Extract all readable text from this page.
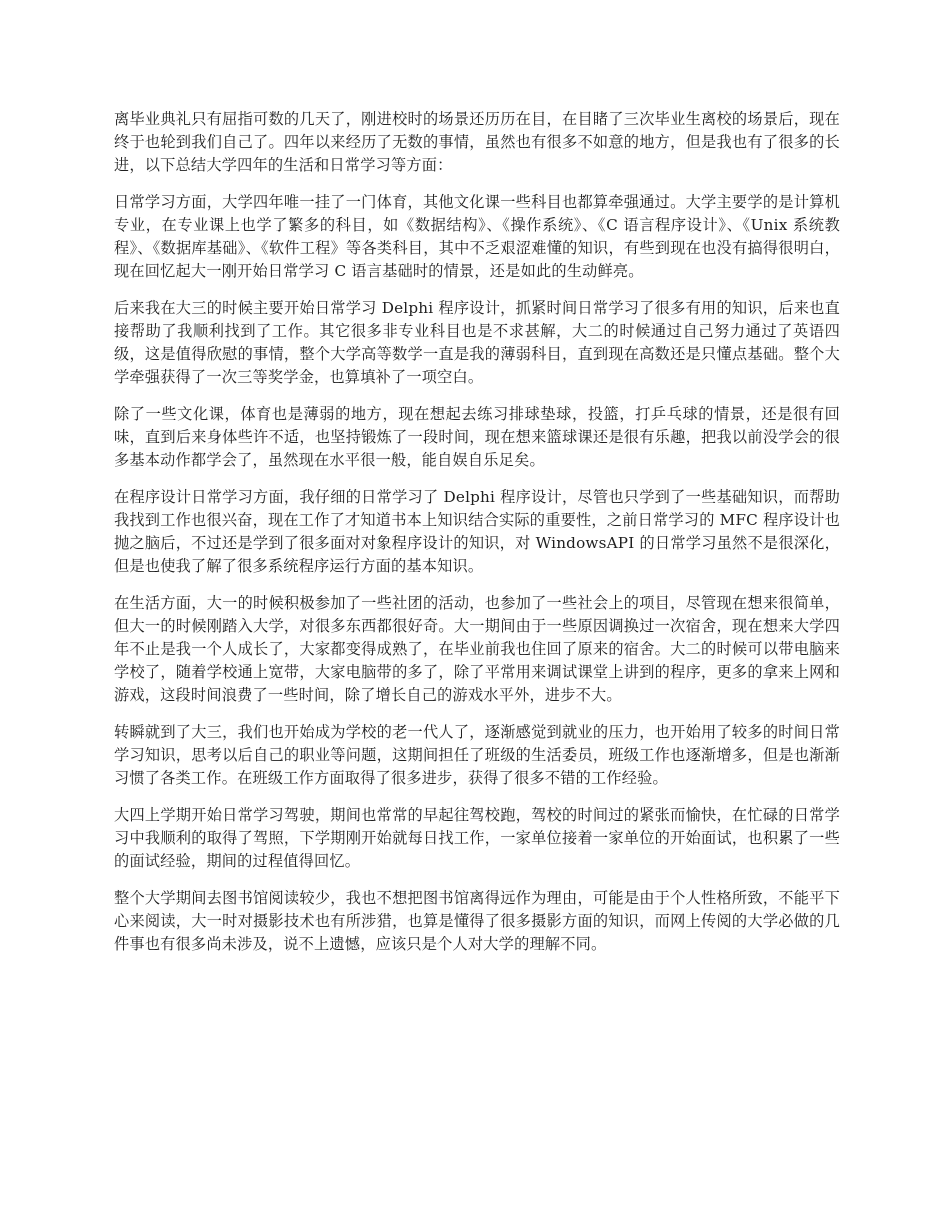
离毕业典礼只有屈指可数的几天了，刚进校时的场景还历历在目，在目睹了三次毕业生离校的场景后，现在终于也轮到我们自己了。四年以来经历了无数的事情，虽然也有很多不如意的地方，但是我也有了很多的长进，以下总结大学四年的生活和日常学习等方面：

日常学习方面，大学四年唯一挂了一门体育，其他文化课一些科目也都算牵强通过。大学主要学的是计算机专业，在专业课上也学了繁多的科目，如《数据结构》、《操作系统》、《C 语言程序设计》、《Unix 系统教程》、《数据库基础》、《软件工程》等各类科目，其中不乏艰涩难懂的知识，有些到现在也没有搞得很明白，现在回忆起大一刚开始日常学习 C 语言基础时的情景，还是如此的生动鲜亮。

后来我在大三的时候主要开始日常学习 Delphi 程序设计，抓紧时间日常学习了很多有用的知识，后来也直接帮助了我顺利找到了工作。其它很多非专业科目也是不求甚解，大二的时候通过自己努力通过了英语四级，这是值得欣慰的事情，整个大学高等数学一直是我的薄弱科目，直到现在高数还是只懂点基础。整个大学牵强获得了一次三等奖学金，也算填补了一项空白。

除了一些文化课，体育也是薄弱的地方，现在想起去练习排球垫球，投篮，打乒乓球的情景，还是很有回味，直到后来身体些许不适，也坚持锻炼了一段时间，现在想来篮球课还是很有乐趣，把我以前没学会的很多基本动作都学会了，虽然现在水平很一般，能自娱自乐足矣。

在程序设计日常学习方面，我仔细的日常学习了 Delphi 程序设计，尽管也只学到了一些基础知识，而帮助我找到工作也很兴奋，现在工作了才知道书本上知识结合实际的重要性，之前日常学习的 MFC 程序设计也抛之脑后，不过还是学到了很多面对对象程序设计的知识，对 WindowsAPI 的日常学习虽然不是很深化，但是也使我了解了很多系统程序运行方面的基本知识。

在生活方面，大一的时候积极参加了一些社团的活动，也参加了一些社会上的项目，尽管现在想来很简单，但大一的时候刚踏入大学，对很多东西都很好奇。大一期间由于一些原因调换过一次宿舍，现在想来大学四年不止是我一个人成长了，大家都变得成熟了，在毕业前我也住回了原来的宿舍。大二的时候可以带电脑来学校了，随着学校通上宽带，大家电脑带的多了，除了平常用来调试课堂上讲到的程序，更多的拿来上网和游戏，这段时间浪费了一些时间，除了增长自己的游戏水平外，进步不大。

转瞬就到了大三，我们也开始成为学校的老一代人了，逐渐感觉到就业的压力，也开始用了较多的时间日常学习知识，思考以后自己的职业等问题，这期间担任了班级的生活委员，班级工作也逐渐增多，但是也渐渐习惯了各类工作。在班级工作方面取得了很多进步，获得了很多不错的工作经验。

大四上学期开始日常学习驾驶，期间也常常的早起往驾校跑，驾校的时间过的紧张而愉快，在忙碌的日常学习中我顺利的取得了驾照，下学期刚开始就每日找工作，一家单位接着一家单位的开始面试，也积累了一些的面试经验，期间的过程值得回忆。

整个大学期间去图书馆阅读较少，我也不想把图书馆离得远作为理由，可能是由于个人性格所致，不能平下心来阅读，大一时对摄影技术也有所涉猎，也算是懂得了很多摄影方面的知识，而网上传阅的大学必做的几件事也有很多尚未涉及，说不上遗憾，应该只是个人对大学的理解不同。
